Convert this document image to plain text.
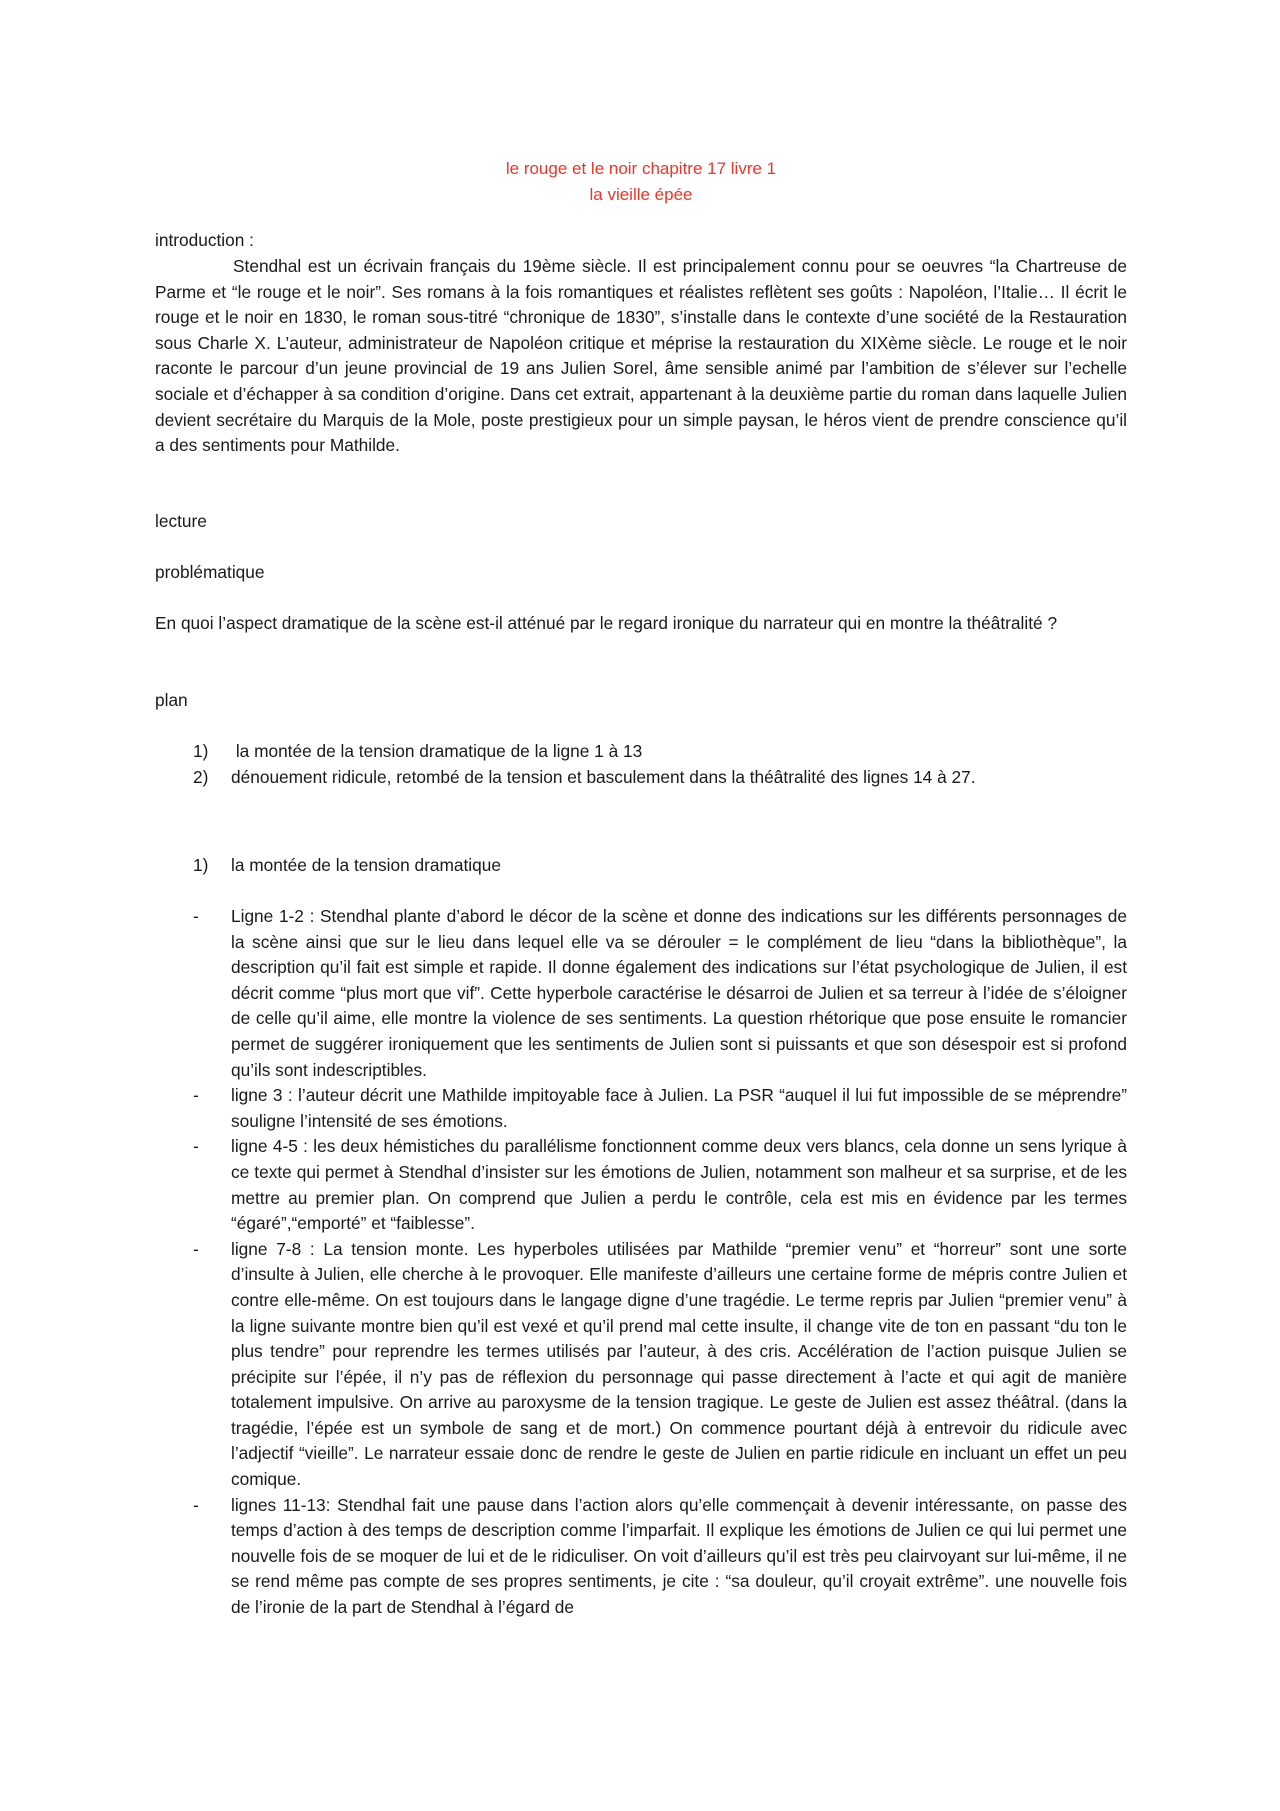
le rouge et le noir chapitre 17 livre 1
la vieille épée

introduction :

Stendhal est un écrivain français du 19ème siècle. Il est principalement connu pour se oeuvres “la Chartreuse de Parme et “le rouge et le noir”. Ses romans à la fois romantiques et réalistes reflètent ses goûts : Napoléon, l’Italie… Il écrit le rouge et le noir en 1830, le roman sous-titré “chronique de 1830”, s’installe dans le contexte d’une société de la Restauration sous Charle X. L’auteur, administrateur de Napoléon critique et méprise la restauration du XIXème siècle. Le rouge et le noir raconte le parcour d’un jeune provincial de 19 ans Julien Sorel, âme sensible animé par l’ambition de s’élever sur l’echelle sociale et d’échapper à sa condition d’origine. Dans cet extrait, appartenant à la deuxième partie du roman dans laquelle Julien devient secrétaire du Marquis de la Mole, poste prestigieux pour un simple paysan, le héros vient de prendre conscience qu’il a des sentiments pour Mathilde.

lecture

problématique

En quoi l’aspect dramatique de la scène est-il atténué par le regard ironique du narrateur qui en montre la théâtralité ?

plan

1) la montée de la tension dramatique de la ligne 1 à 13
2) dénouement ridicule, retombé de la tension et basculement dans la théâtralité des lignes 14 à 27.
1) la montée de la tension dramatique
- Ligne 1-2 : Stendhal plante d’abord le décor de la scène et donne des indications sur les différents personnages de la scène ainsi que sur le lieu dans lequel elle va se dérouler = le complément de lieu “dans la bibliothèque”, la description qu’il fait est simple et rapide. Il donne également des indications sur l’état psychologique de Julien, il est décrit comme “plus mort que vif”. Cette hyperbole caractérise le désarroi de Julien et sa terreur à l’idée de s’éloigner de celle qu’il aime, elle montre la violence de ses sentiments. La question rhétorique que pose ensuite le romancier permet de suggérer ironiquement que les sentiments de Julien sont si puissants et que son désespoir est si profond qu’ils sont indescriptibles.
- ligne 3 : l’auteur décrit une Mathilde impitoyable face à Julien. La PSR “auquel il lui fut impossible de se méprendre” souligne l’intensité de ses émotions.
- ligne 4-5 : les deux hémistiches du parallélisme fonctionnent comme deux vers blancs, cela donne un sens lyrique à ce texte qui permet à Stendhal d’insister sur les émotions de Julien, notamment son malheur et sa surprise, et de les mettre au premier plan. On comprend que Julien a perdu le contrôle, cela est mis en évidence par les termes “égaré”,“emporté” et “faiblesse”.
- ligne 7-8 : La tension monte. Les hyperboles utilisées par Mathilde “premier venu” et “horreur” sont une sorte d’insulte à Julien, elle cherche à le provoquer. Elle manifeste d’ailleurs une certaine forme de mépris contre Julien et contre elle-même. On est toujours dans le langage digne d’une tragédie. Le terme repris par Julien “premier venu” à la ligne suivante montre bien qu’il est vexé et qu’il prend mal cette insulte, il change vite de ton en passant “du ton le plus tendre” pour reprendre les termes utilisés par l’auteur, à des cris. Accélération de l’action puisque Julien se précipite sur l’épée, il n’y pas de réflexion du personnage qui passe directement à l’acte et qui agit de manière totalement impulsive. On arrive au paroxysme de la tension tragique. Le geste de Julien est assez théâtral. (dans la tragédie, l’épée est un symbole de sang et de mort.) On commence pourtant déjà à entrevoir du ridicule avec l’adjectif “vieille”. Le narrateur essaie donc de rendre le geste de Julien en partie ridicule en incluant un effet un peu comique.
- lignes 11-13: Stendhal fait une pause dans l’action alors qu’elle commençait à devenir intéressante, on passe des temps d’action à des temps de description comme l’imparfait. Il explique les émotions de Julien ce qui lui permet une nouvelle fois de se moquer de lui et de le ridiculiser. On voit d’ailleurs qu’il est très peu clairvoyant sur lui-même, il ne se rend même pas compte de ses propres sentiments, je cite : “sa douleur, qu’il croyait extrême”. une nouvelle fois de l’ironie de la part de Stendhal à l’égard de
